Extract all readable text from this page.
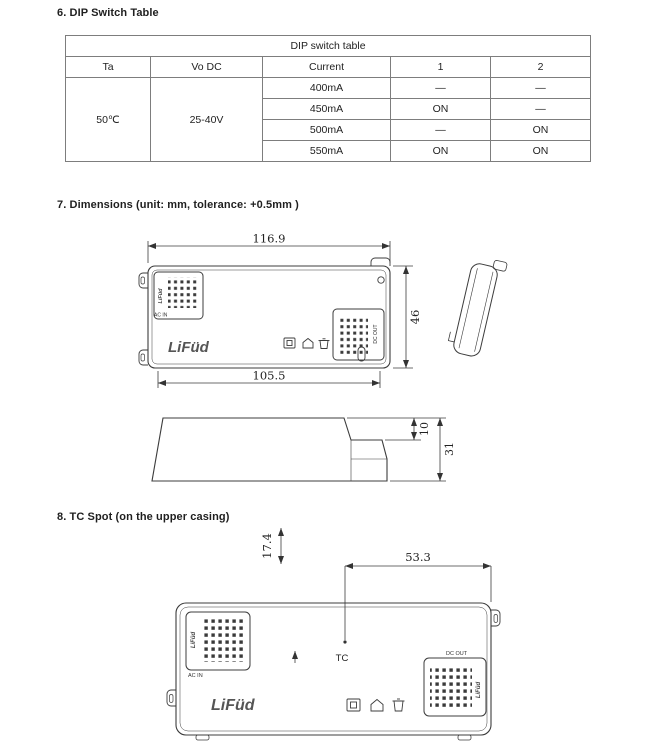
6. DIP Switch Table
DIP switch table				
Ta	Vo DC	Current	1	2
50℃	25-40V	400mA	—	—
		450mA	ON	—
		500mA	—	ON
		550mA	ON	ON
7. Dimensions (unit: mm, tolerance: +0.5mm )
116.9
46
105.5
10
31
LiFüd
AC IN
DC OUT
LiFüd
8. TC Spot (on the upper casing)
17.4	53.3
TC
LiFüd
AC IN
DC OUT
LiFüd
LiFüd
